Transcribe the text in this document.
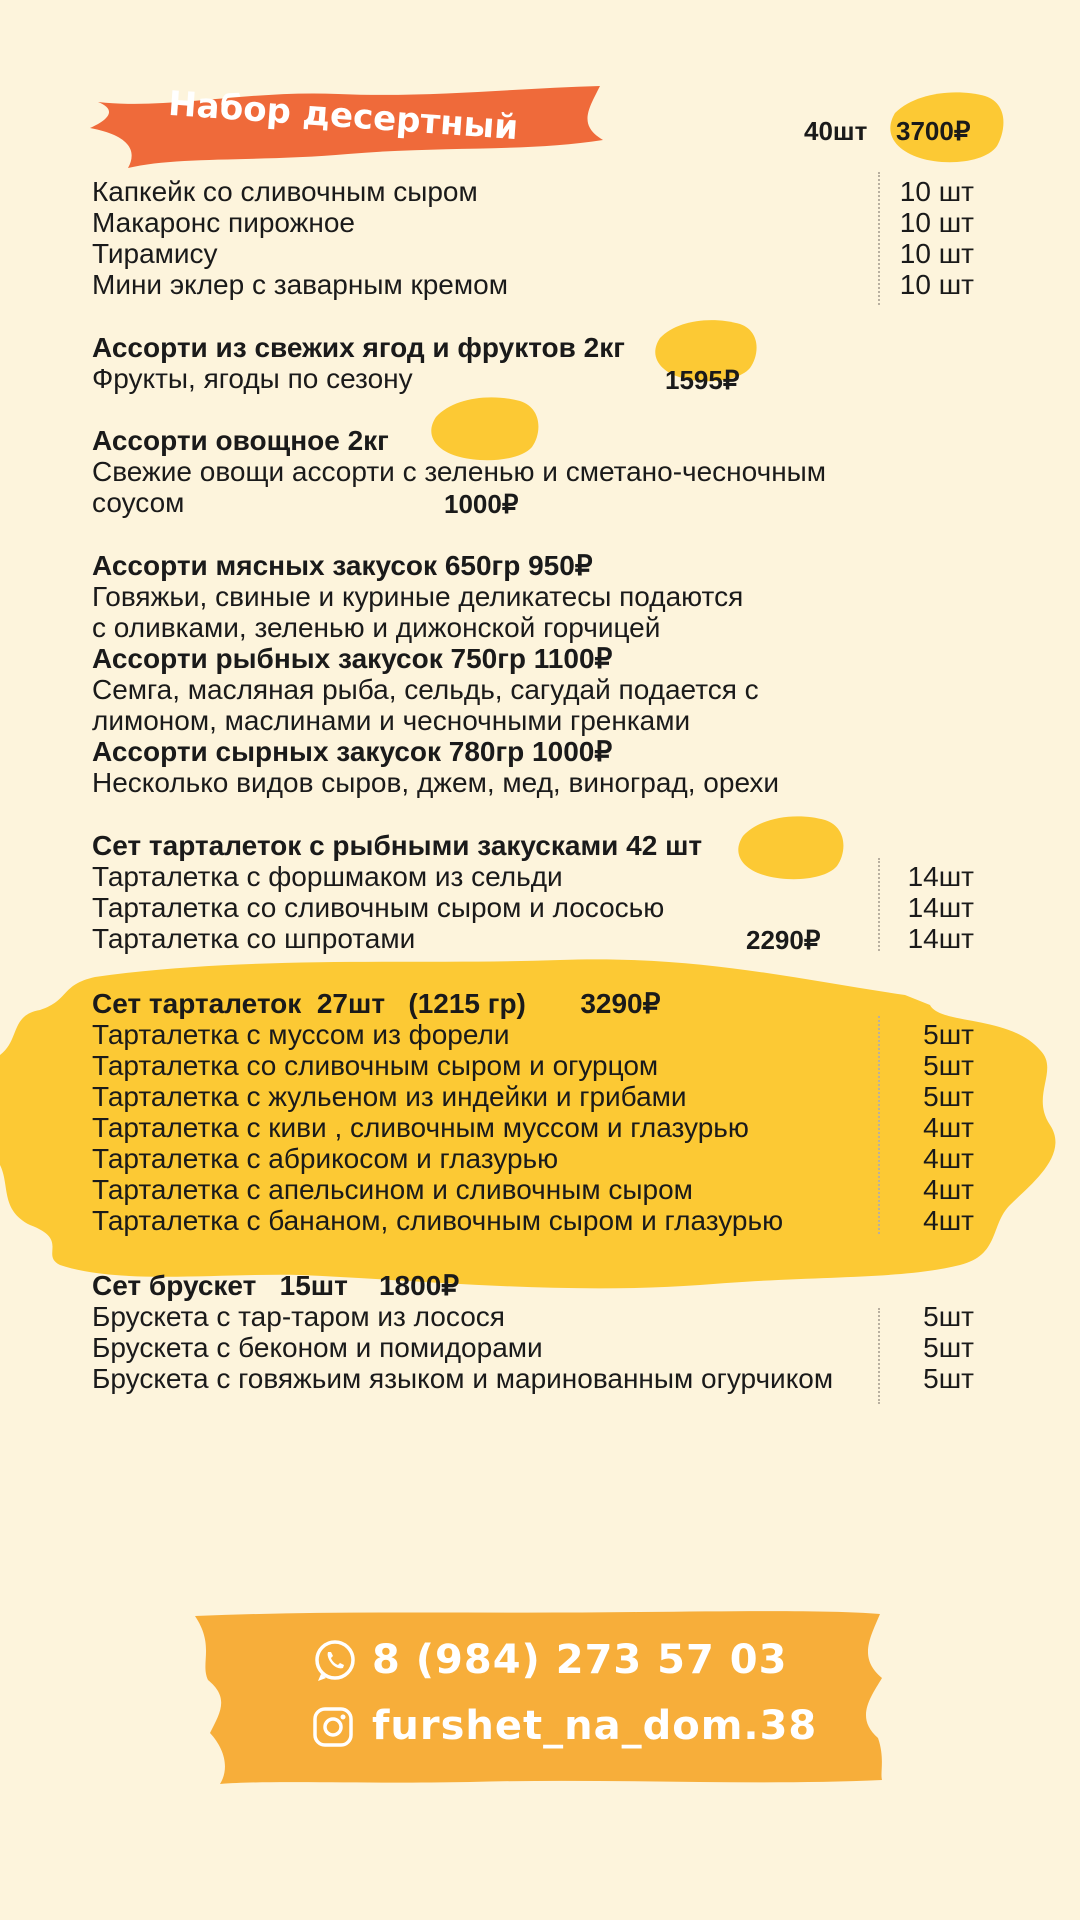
Набор десертный	40шт 3700₽
Капкейк со сливочным сыром
Макаронс пирожное
Тирамису
Мини эклер с заварным кремом
10 шт
10 шт
10 шт
10 шт
Ассорти из свежих ягод и фруктов 2кг
1595₽
Фрукты, ягоды по сезону
Ассорти овощное 2кг
1000₽
Свежие овощи ассорти с зеленью и сметано-чесночным
соусом
Ассорти мясных закусок 650гр 950₽
Говяжьи, свиные и куриные деликатесы подаются
с оливками, зеленью и дижонской горчицей
Ассорти рыбных закусок 750гр 1100₽
Семга, масляная рыба, сельдь, сагудай подается с
лимоном, маслинами и чесночными гренками
Ассорти сырных закусок 780гр 1000₽
Несколько видов сыров, джем, мед, виноград, орехи
Сет тарталеток с рыбными закусками 42 шт
2290₽
Тарталетка с форшмаком из сельди
Тарталетка со сливочным сыром и лососью
Тарталетка со шпротами
14шт
14шт
14шт
Сет тарталеток  27шт   (1215 гр)       3290₽
Тарталетка с муссом из форели
Тарталетка со сливочным сыром и огурцом
Тарталетка с жульеном из индейки и грибами
Тарталетка с киви , сливочным муссом и глазурью
Тарталетка с абрикосом и глазурью
Тарталетка с апельсином и сливочным сыром
Тарталетка с бананом, сливочным сыром и глазурью
5шт
5шт
5шт
4шт
4шт
4шт
4шт
Сет брускет   15шт    1800₽
Брускета с тар-таром из лосося
Брускета с беконом и помидорами
Брускета с говяжьим языком и маринованным огурчиком
5шт
5шт
5шт
8 (984) 273 57 03
furshet_na_dom.38
